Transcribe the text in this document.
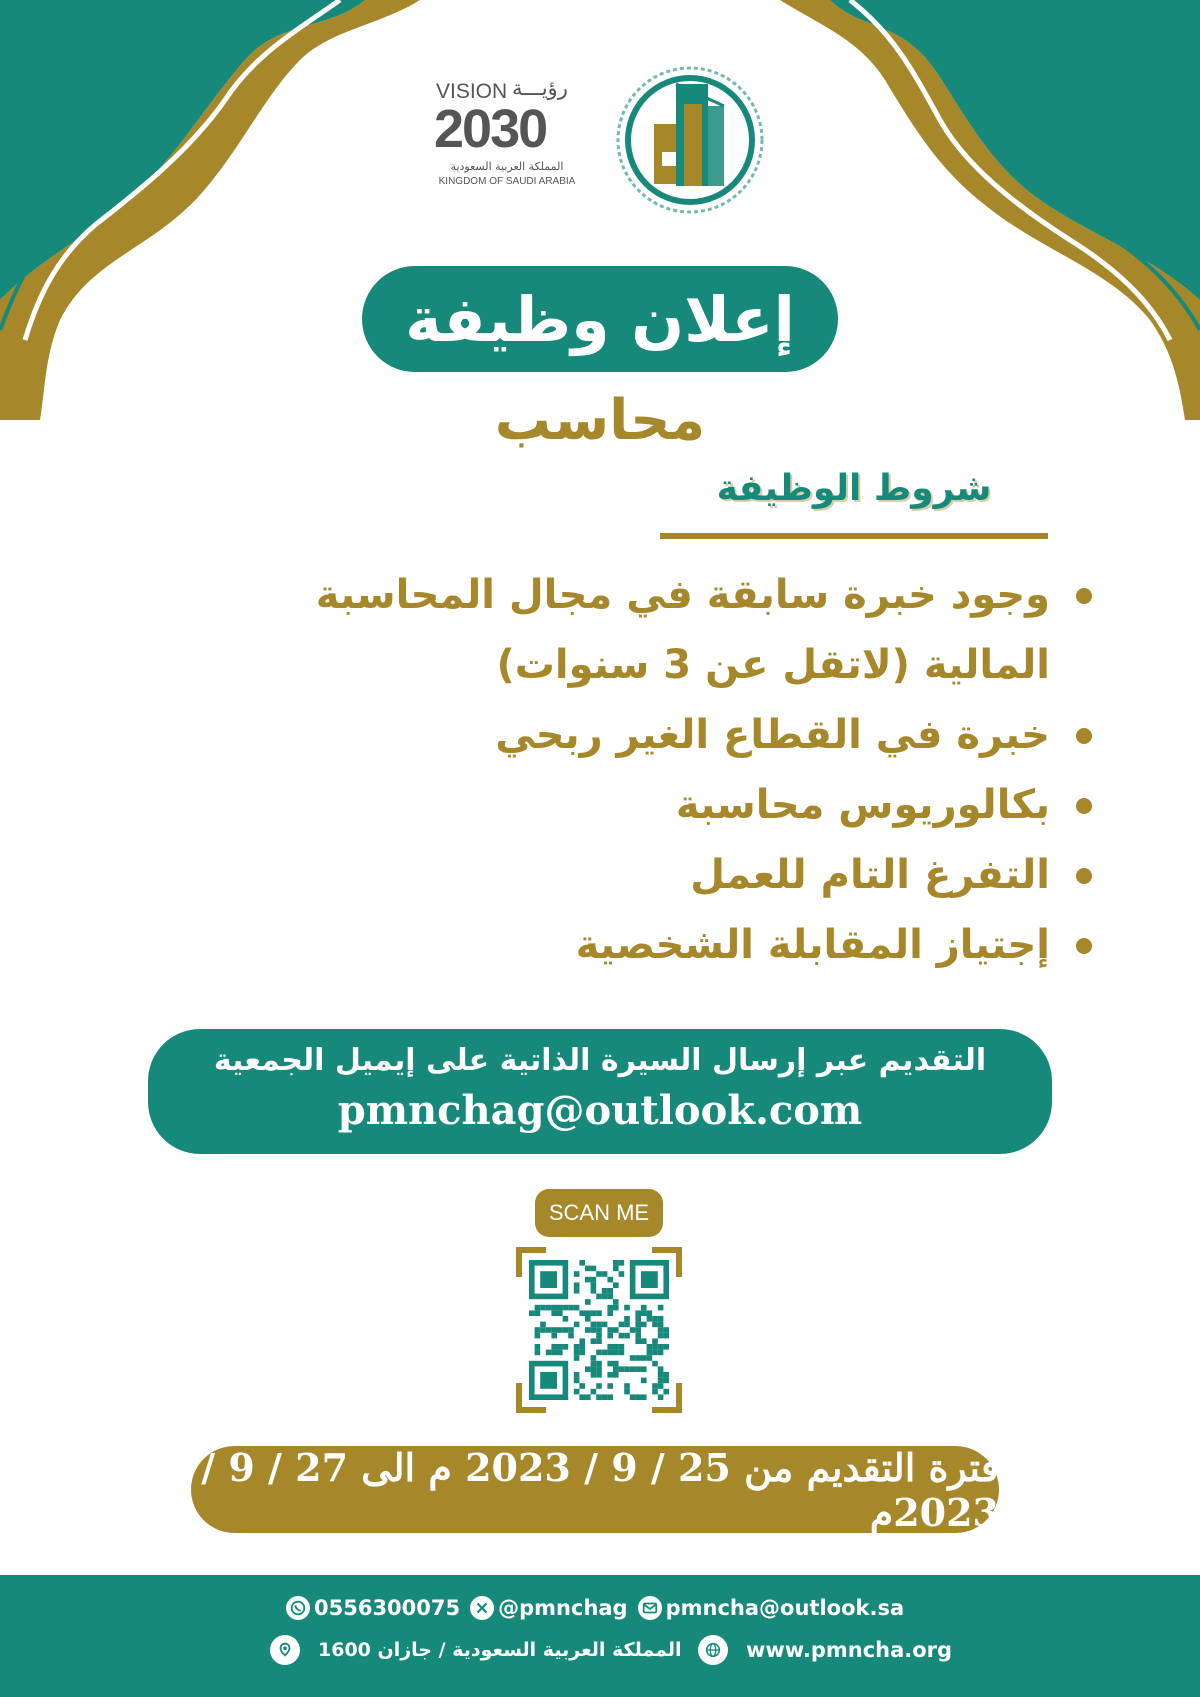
VISION رؤيـــة
2030
المملكة العربية السعودية
KINGDOM OF SAUDI ARABIA
إعلان وظيفة
محاسب
شروط الوظيفة

وجود خبرة سابقة في مجال المحاسبة المالية (لاتقل عن 3 سنوات)

خبرة في القطاع الغير ربحي

بكالوريوس محاسبة

التفرغ التام للعمل

إجتياز المقابلة الشخصية

التقديم عبر إرسال السيرة الذاتية على إيميل الجمعية
pmnchag@outlook.com
SCAN ME
فترة التقديم من 25 / 9 / 2023 م الى 27 / 9 / 2023م
0556300075 @pmnchag pmncha@outlook.sa
المملكة العربية السعودية / جازان 1600	www.pmncha.org
